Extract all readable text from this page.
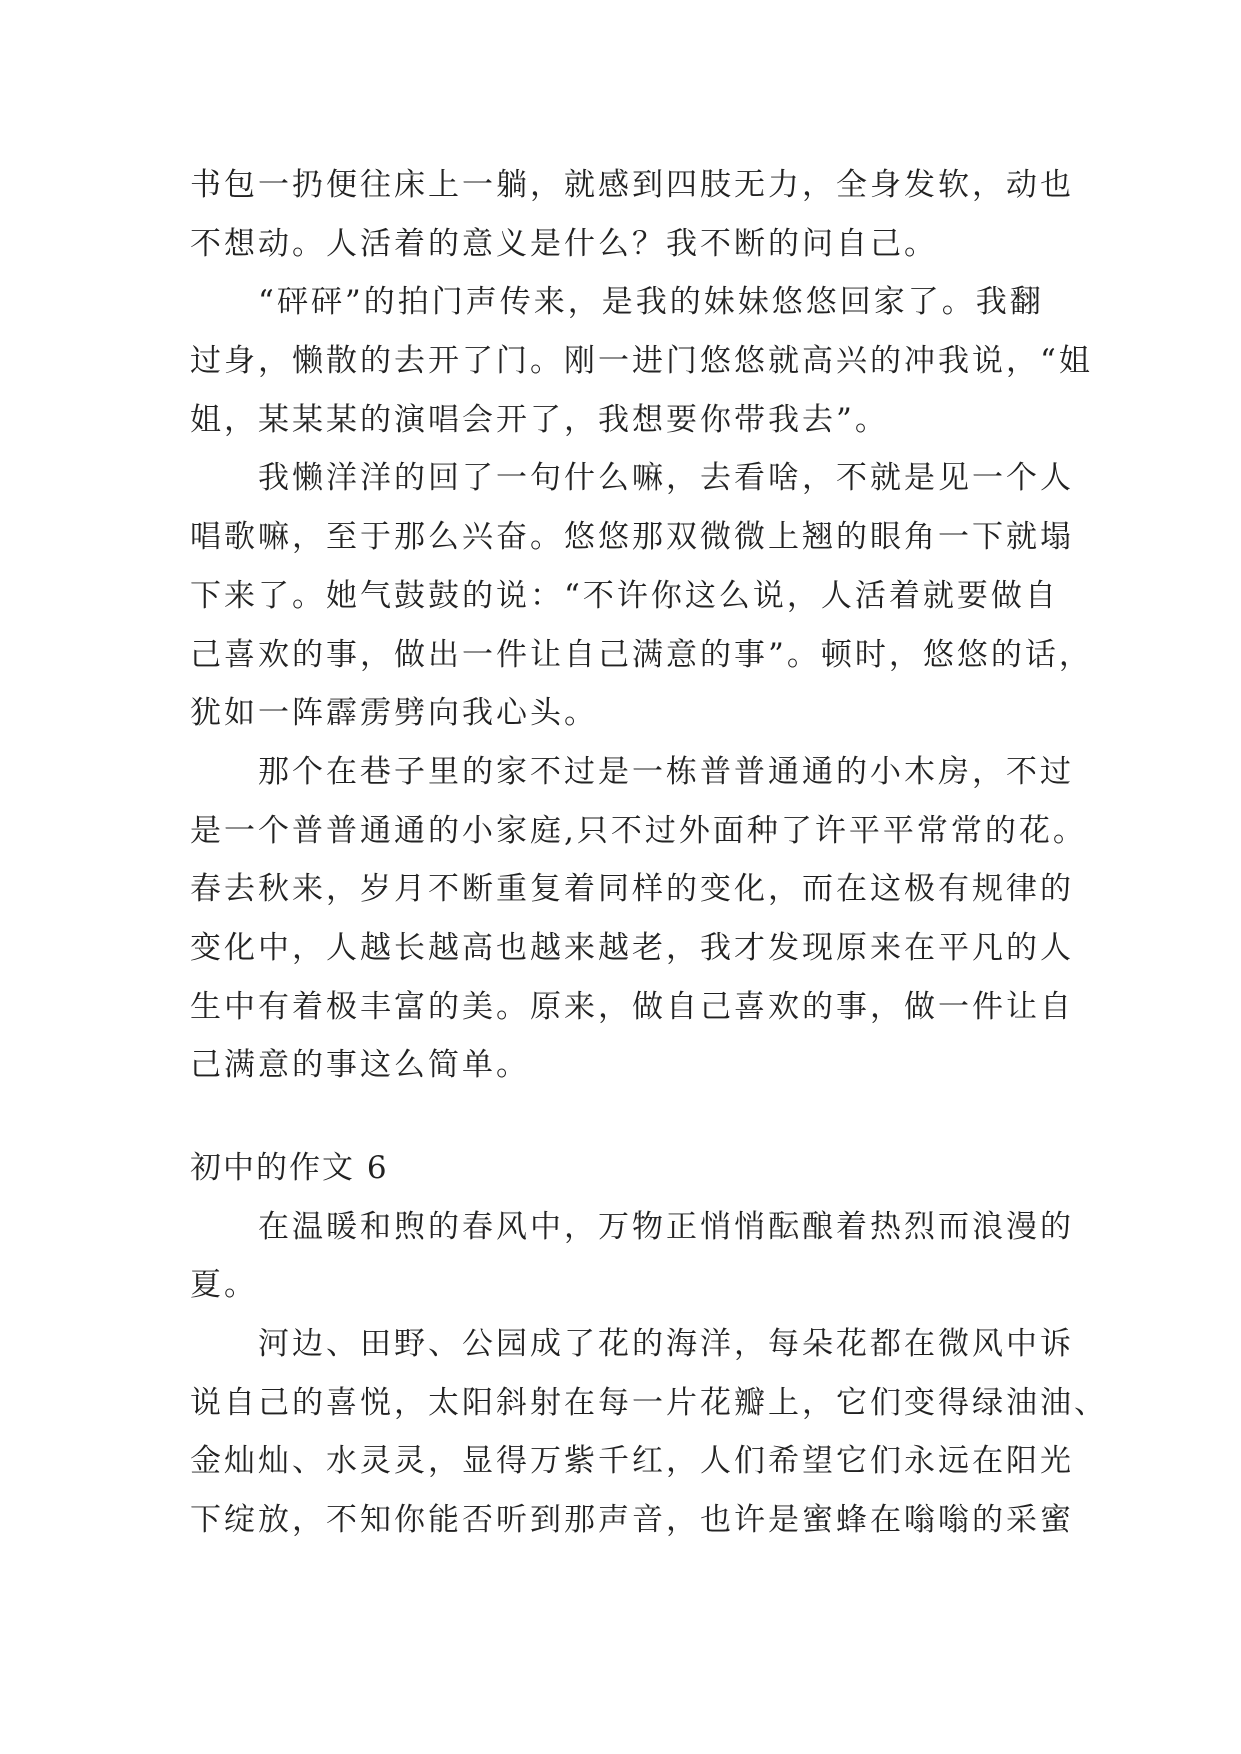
书包一扔便往床上一躺，就感到四肢无力，全身发软，动也
不想动。人活着的意义是什么？我不断的问自己。
“砰砰”的拍门声传来，是我的妹妹悠悠回家了。我翻
过身，懒散的去开了门。刚一进门悠悠就高兴的冲我说，“姐
姐，某某某的演唱会开了，我想要你带我去”。
我懒洋洋的回了一句什么嘛，去看啥，不就是见一个人
唱歌嘛，至于那么兴奋。悠悠那双微微上翘的眼角一下就塌
下来了。她气鼓鼓的说：“不许你这么说，人活着就要做自
己喜欢的事，做出一件让自己满意的事”。顿时，悠悠的话，
犹如一阵霹雳劈向我心头。
那个在巷子里的家不过是一栋普普通通的小木房，不过
是一个普普通通的小家庭,只不过外面种了许平平常常的花。
春去秋来，岁月不断重复着同样的变化，而在这极有规律的
变化中，人越长越高也越来越老，我才发现原来在平凡的人
生中有着极丰富的美。原来，做自己喜欢的事，做一件让自
己满意的事这么简单。
初中的作文 6
在温暖和煦的春风中，万物正悄悄酝酿着热烈而浪漫的
夏。
河边、田野、公园成了花的海洋，每朵花都在微风中诉
说自己的喜悦，太阳斜射在每一片花瓣上，它们变得绿油油、
金灿灿、水灵灵，显得万紫千红，人们希望它们永远在阳光
下绽放，不知你能否听到那声音，也许是蜜蜂在嗡嗡的采蜜
